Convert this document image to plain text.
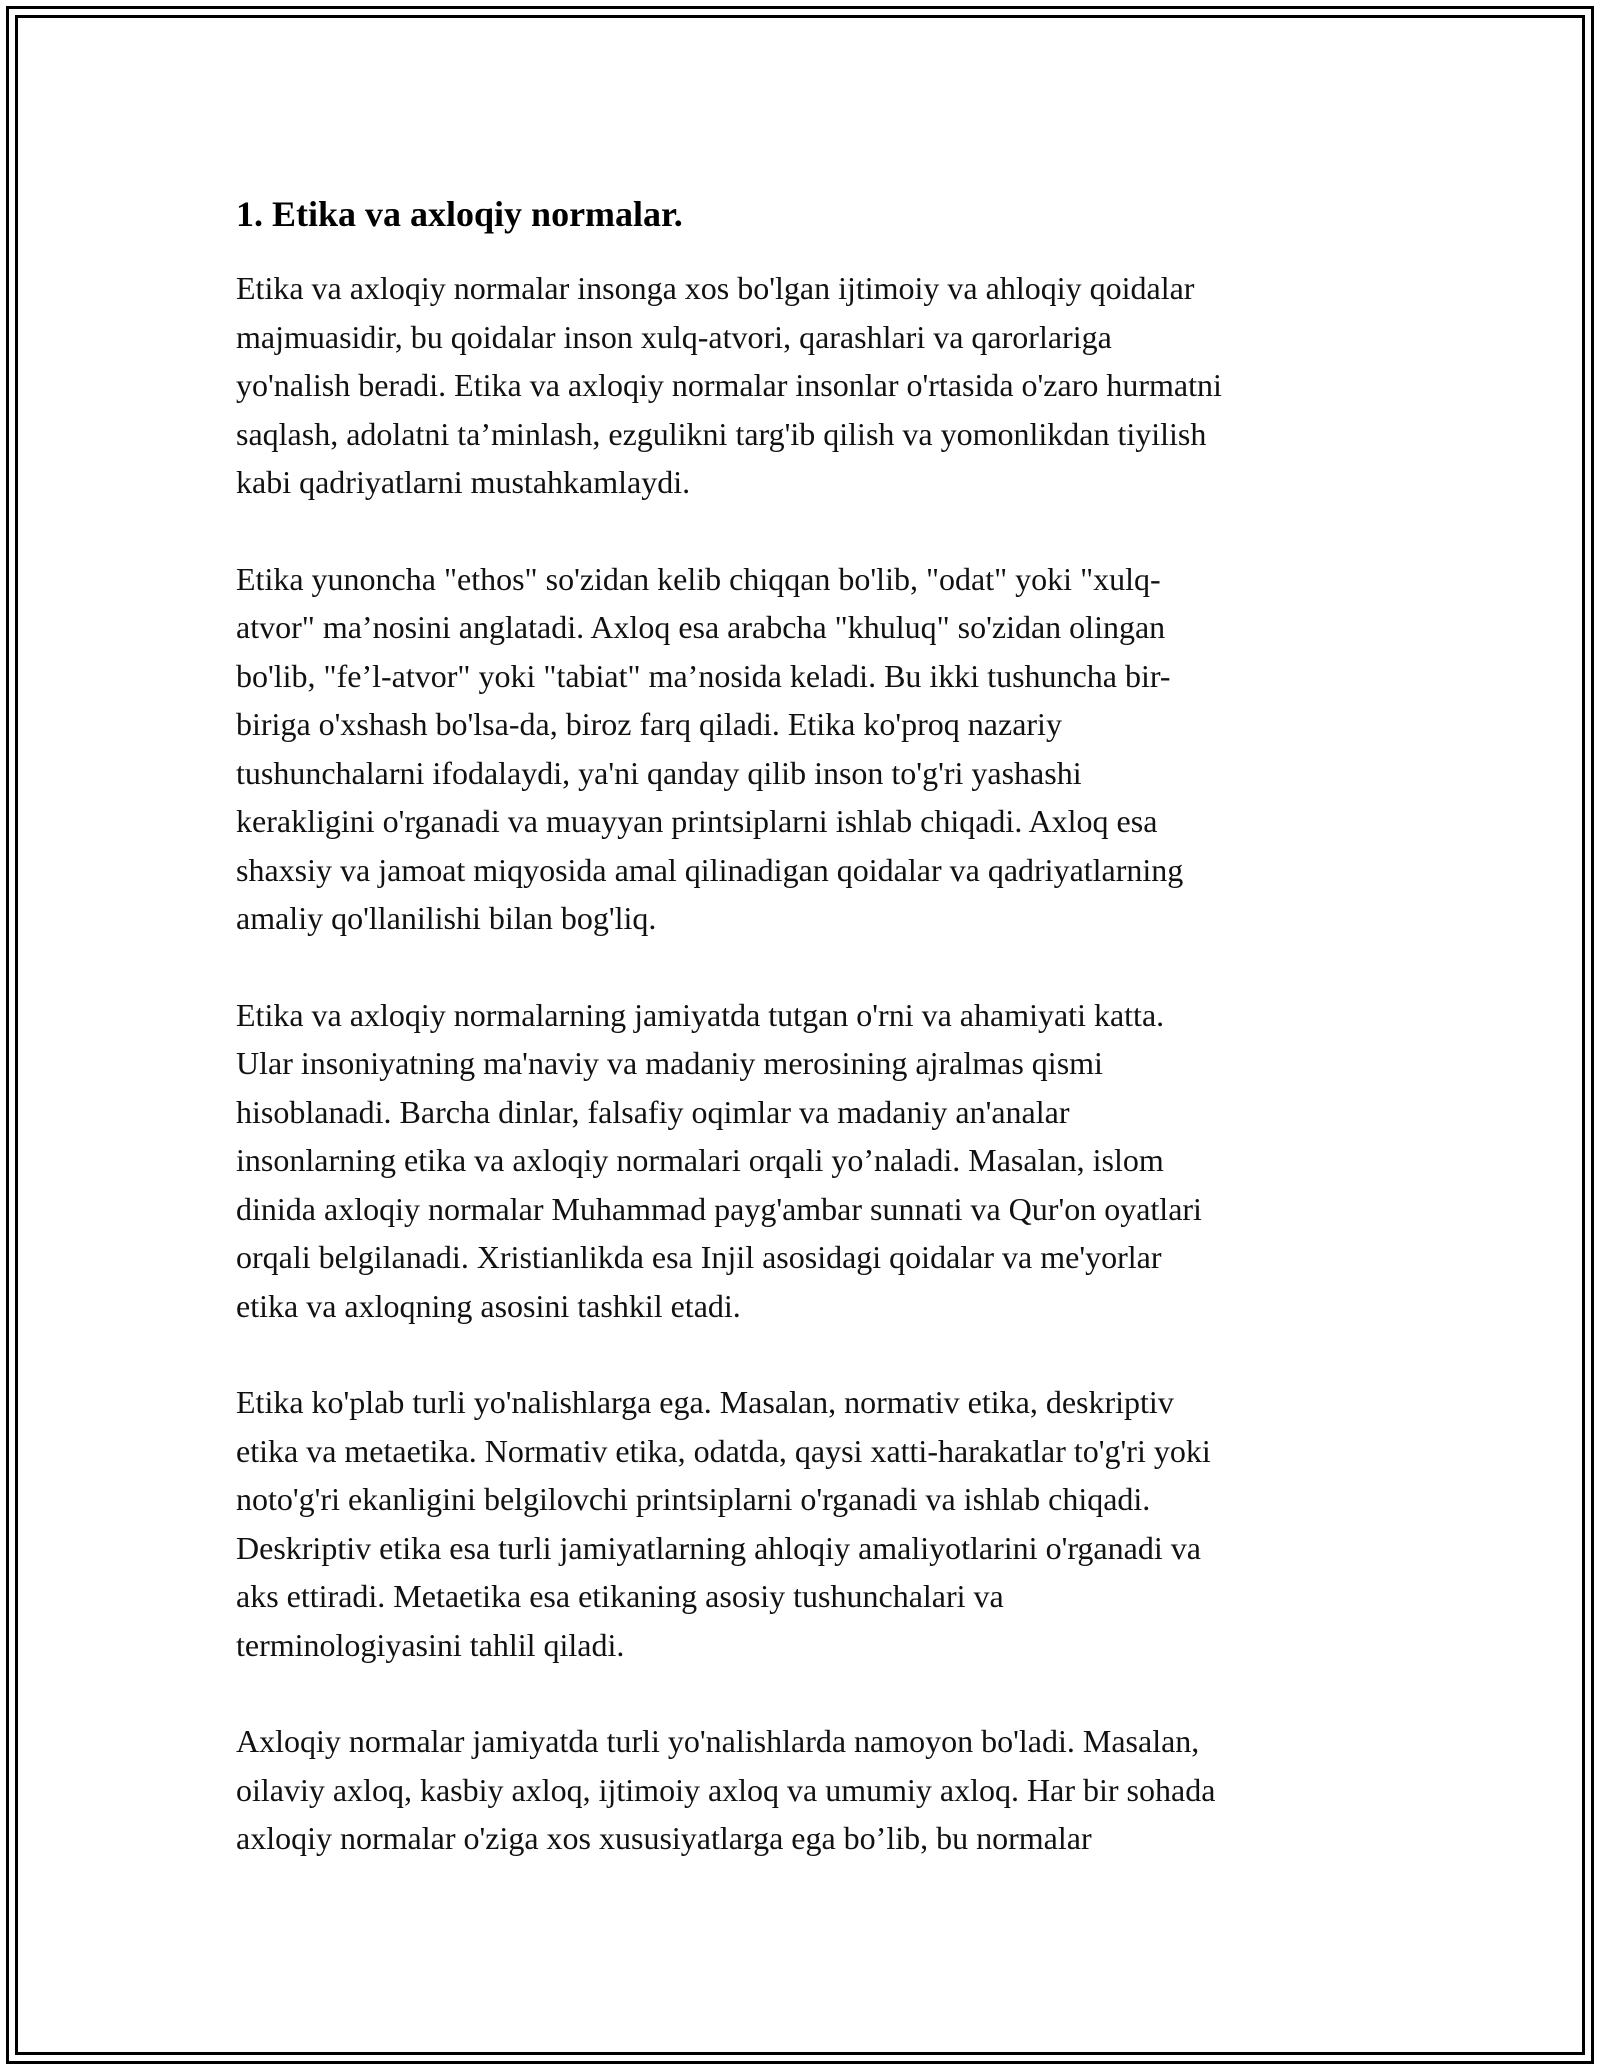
1. Etika va axloqiy normalar.

Etika va axloqiy normalar insonga xos bo'lgan ijtimoiy va ahloqiy qoidalar
majmuasidir, bu qoidalar inson xulq-atvori, qarashlari va qarorlariga
yo'nalish beradi. Etika va axloqiy normalar insonlar o'rtasida o'zaro hurmatni
saqlash, adolatni ta’minlash, ezgulikni targ'ib qilish va yomonlikdan tiyilish
kabi qadriyatlarni mustahkamlaydi.

Etika yunoncha "ethos" so'zidan kelib chiqqan bo'lib, "odat" yoki "xulq-
atvor" ma’nosini anglatadi. Axloq esa arabcha "khuluq" so'zidan olingan
bo'lib, "fe’l-atvor" yoki "tabiat" ma’nosida keladi. Bu ikki tushuncha bir-
biriga o'xshash bo'lsa-da, biroz farq qiladi. Etika ko'proq nazariy
tushunchalarni ifodalaydi, ya'ni qanday qilib inson to'g'ri yashashi
kerakligini o'rganadi va muayyan printsiplarni ishlab chiqadi. Axloq esa
shaxsiy va jamoat miqyosida amal qilinadigan qoidalar va qadriyatlarning
amaliy qo'llanilishi bilan bog'liq.

Etika va axloqiy normalarning jamiyatda tutgan o'rni va ahamiyati katta.
Ular insoniyatning ma'naviy va madaniy merosining ajralmas qismi
hisoblanadi. Barcha dinlar, falsafiy oqimlar va madaniy an'analar
insonlarning etika va axloqiy normalari orqali yo’naladi. Masalan, islom
dinida axloqiy normalar Muhammad payg'ambar sunnati va Qur'on oyatlari
orqali belgilanadi. Xristianlikda esa Injil asosidagi qoidalar va me'yorlar
etika va axloqning asosini tashkil etadi.

Etika ko'plab turli yo'nalishlarga ega. Masalan, normativ etika, deskriptiv
etika va metaetika. Normativ etika, odatda, qaysi xatti-harakatlar to'g'ri yoki
noto'g'ri ekanligini belgilovchi printsiplarni o'rganadi va ishlab chiqadi.
Deskriptiv etika esa turli jamiyatlarning ahloqiy amaliyotlarini o'rganadi va
aks ettiradi. Metaetika esa etikaning asosiy tushunchalari va
terminologiyasini tahlil qiladi.

Axloqiy normalar jamiyatda turli yo'nalishlarda namoyon bo'ladi. Masalan,
oilaviy axloq, kasbiy axloq, ijtimoiy axloq va umumiy axloq. Har bir sohada
axloqiy normalar o'ziga xos xususiyatlarga ega bo’lib, bu normalar
